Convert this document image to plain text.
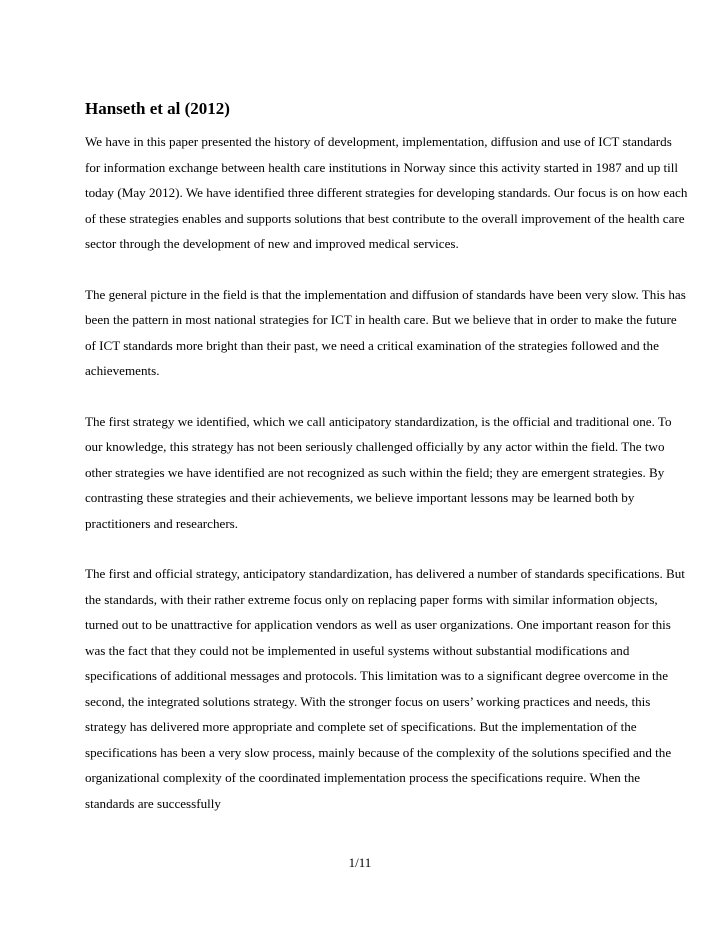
Hanseth et al (2012)

We have in this paper presented the history of development, implementation, diffusion and use of ICT standards for information exchange between health care institutions in Norway since this activity started in 1987 and up till today (May 2012). We have identified three different strategies for developing standards. Our focus is on how each of these strategies enables and supports solutions that best contribute to the overall improvement of the health care sector through the development of new and improved medical services.

The general picture in the field is that the implementation and diffusion of standards have been very slow. This has been the pattern in most national strategies for ICT in health care. But we believe that in order to make the future of ICT standards more bright than their past, we need a critical examination of the strategies followed and the achievements.

The first strategy we identified, which we call anticipatory standardization, is the official and traditional one. To our knowledge, this strategy has not been seriously challenged officially by any actor within the field. The two other strategies we have identified are not recognized as such within the field; they are emergent strategies. By contrasting these strategies and their achievements, we believe important lessons may be learned both by practitioners and researchers.

The first and official strategy, anticipatory standardization, has delivered a number of standards specifications. But the standards, with their rather extreme focus only on replacing paper forms with similar information objects, turned out to be unattractive for application vendors as well as user organizations. One important reason for this was the fact that they could not be implemented in useful systems without substantial modifications and specifications of additional messages and protocols. This limitation was to a significant degree overcome in the second, the integrated solutions strategy. With the stronger focus on users’ working practices and needs, this strategy has delivered more appropriate and complete set of specifications. But the implementation of the specifications has been a very slow process, mainly because of the complexity of the solutions specified and the organizational complexity of the coordinated implementation process the specifications require. When the standards are successfully

1/11
